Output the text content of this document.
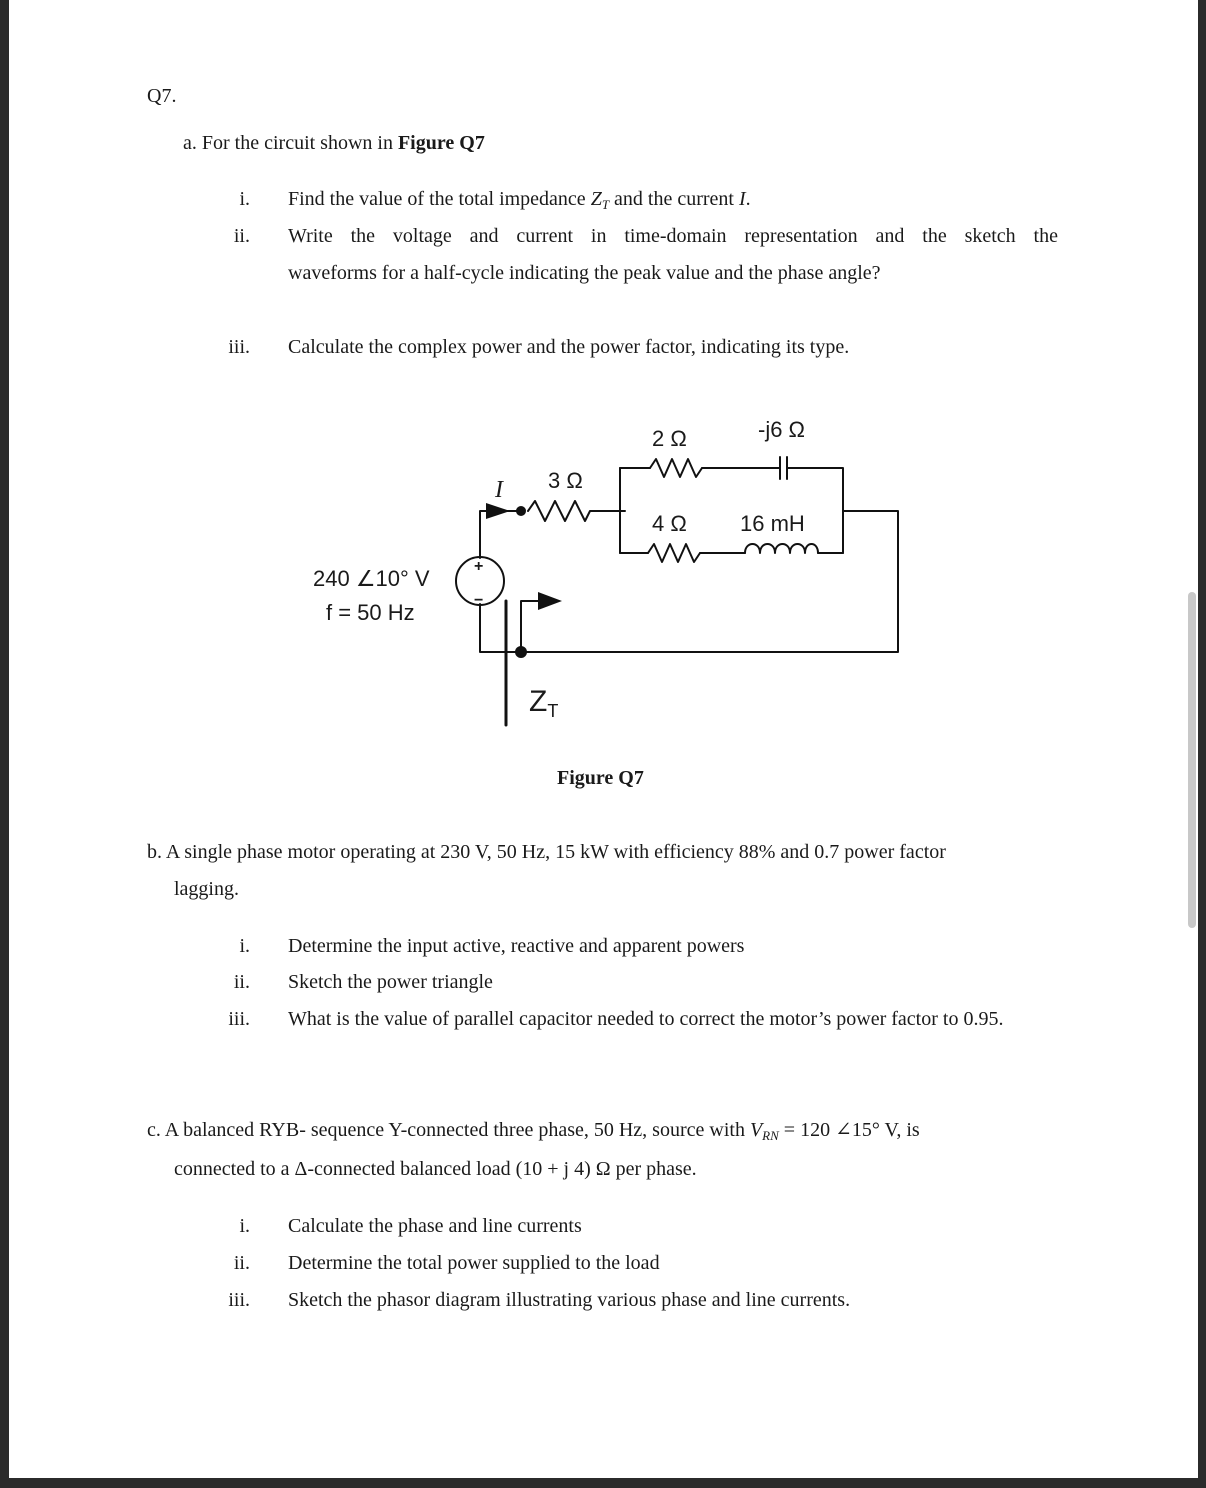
Q7.
a. For the circuit shown in Figure Q7
i. Find the value of the total impedance $Z_T$ and the current I.
ii. Write the voltage and current in time-domain representation and the sketch the
waveforms for a half-cycle indicating the peak value and the phase angle?
iii. Calculate the complex power and the power factor, indicating its type.
2 Ω	-j6 Ω
I 3 Ω
4 Ω 16 mH
240 ∠10° V
f = 50 Hz
+
−
$Z_T$
Figure Q7
b. A single phase motor operating at 230 V, 50 Hz, 15 kW with efficiency 88% and 0.7 power factor
lagging.
i. Determine the input active, reactive and apparent powers
ii. Sketch the power triangle
iii. What is the value of parallel capacitor needed to correct the motor’s power factor to 0.95.
c. A balanced RYB- sequence Y-connected three phase, 50 Hz, source with $V_{RN} = 120$ ∠15° V, is
connected to a Δ-connected balanced load (10 + j 4) Ω per phase.
i. Calculate the phase and line currents
ii. Determine the total power supplied to the load
iii. Sketch the phasor diagram illustrating various phase and line currents.
